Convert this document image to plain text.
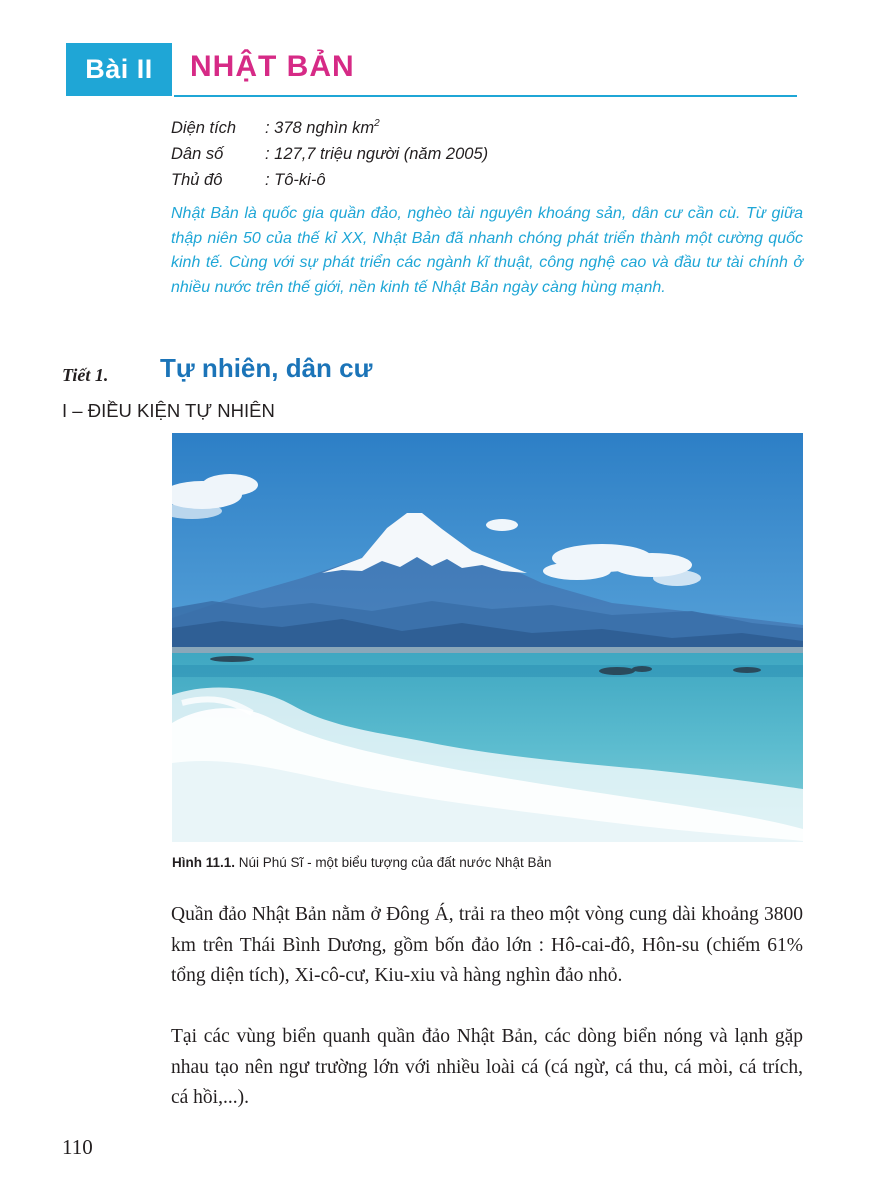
Bài II	NHẬT BẢN
Diện tích	: 378 nghìn $km^2$
Dân số	: 127,7 triệu người (năm 2005)
Thủ đô	: Tô-ki-ô
Nhật Bản là quốc gia quần đảo, nghèo tài nguyên khoáng sản, dân cư cần cù. Từ giữa thập niên 50 của thế kỉ XX, Nhật Bản đã nhanh chóng phát triển thành một cường quốc kinh tế. Cùng với sự phát triển các ngành kĩ thuật, công nghệ cao và đầu tư tài chính ở nhiều nước trên thế giới, nền kinh tế Nhật Bản ngày càng hùng mạnh.
Tiết 1. Tự nhiên, dân cư
I – ĐIỀU KIỆN TỰ NHIÊN
Hình 11.1. Núi Phú Sĩ - một biểu tượng của đất nước Nhật Bản
Quần đảo Nhật Bản nằm ở Đông Á, trải ra theo một vòng cung dài khoảng 3800 km trên Thái Bình Dương, gồm bốn đảo lớn : Hô-cai-đô, Hôn-su (chiếm 61% tổng diện tích), Xi-cô-cư, Kiu-xiu và hàng nghìn đảo nhỏ.
Tại các vùng biển quanh quần đảo Nhật Bản, các dòng biển nóng và lạnh gặp nhau tạo nên ngư trường lớn với nhiều loài cá (cá ngừ, cá thu, cá mòi, cá trích, cá hồi,...).
110
